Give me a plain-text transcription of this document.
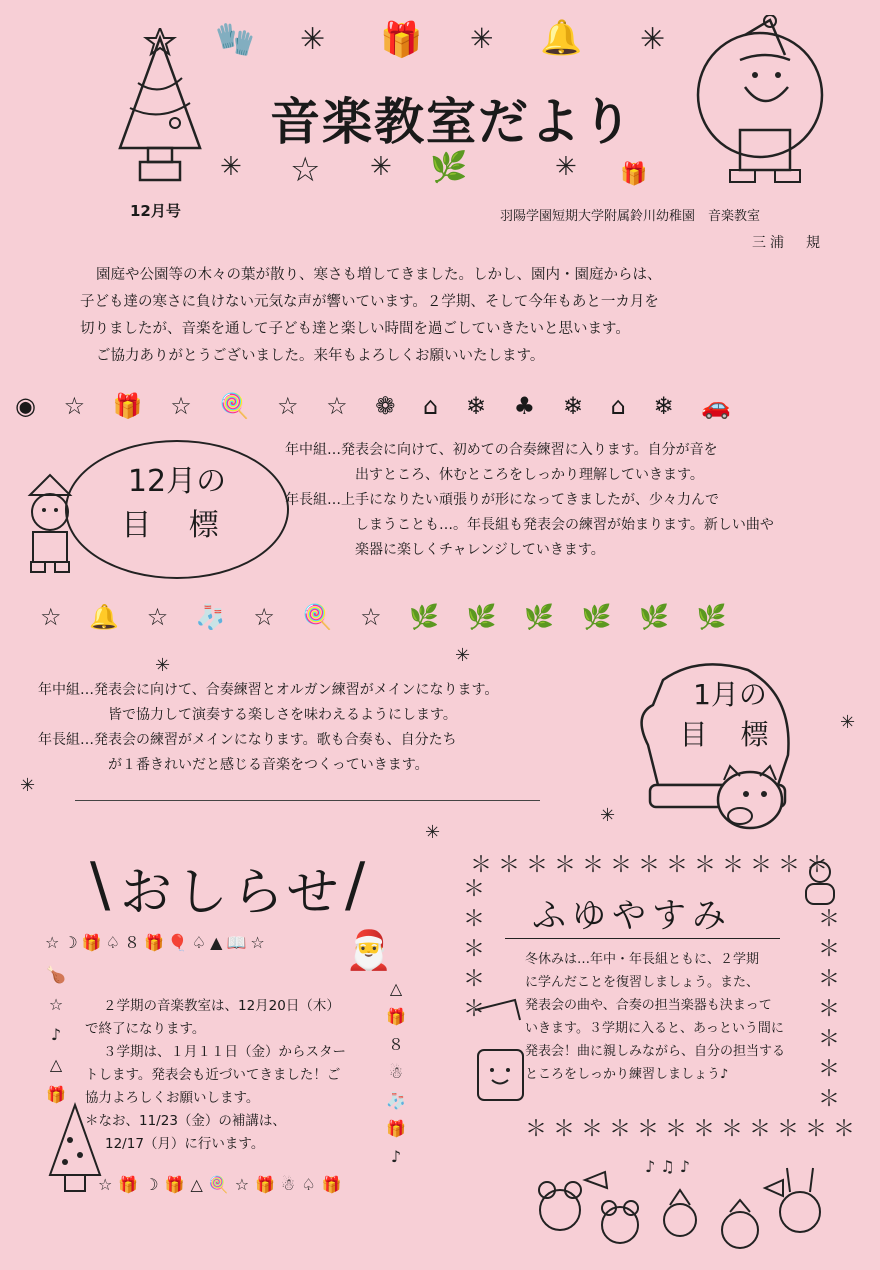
🧤 ✳ 🎁 ✳ 🔔 ✳
音楽教室だより
✳ ☆ ✳ 🌿	✳ 🎁
12月号	羽陽学園短期大学附属鈴川幼稚園　音楽教室
三浦　規

園庭や公園等の木々の葉が散り、寒さも増してきました。しかし、園内・園庭からは、

子ども達の寒さに負けない元気な声が響いています。２学期、そして今年もあと一カ月を

切りましたが、音楽を通して子ども達と楽しい時間を過ごしていきたいと思います。

ご協力ありがとうございました。来年もよろしくお願いいたします。

◉ ☆ 🎁 ☆ 🍭 ☆ ☆ ❁ ⌂ ❄ ♣ ❄ ⌂ ❄ 🚗
12月の
目 標

年中組…発表会に向けて、初めての合奏練習に入ります。自分が音を

出すところ、休むところをしっかり理解していきます。

年長組…上手になりたい頑張りが形になってきましたが、少々力んで

しまうことも…。年長組も発表会の練習が始まります。新しい曲や

楽器に楽しくチャレンジしていきます。

☆ 🔔 ☆ 🧦 ☆ 🍭 ☆ 🌿 🌿 🌿 🌿 🌿 🌿
✳	✳
✳
✳
✳
✳

年中組…発表会に向けて、合奏練習とオルガン練習がメインになります。

皆で協力して演奏する楽しさを味わえるようにします。

年長組…発表会の練習がメインになります。歌も合奏も、自分たち

が１番きれいだと感じる音楽をつくっていきます。

1月の
目 標
\ おしらせ /
☆☽🎁♤８🎁🎈♤▲📖☆
☆🎁☽🎁△🍭☆🎁☃♤🎁
🍗
☆
♪
△
🎁
△
🎁
８
☃
🧦
🎁
♪
🎅

２学期の音楽教室は、12月20日（木）

で終了になります。

３学期は、１月１１日（金）からスター

トします。発表会も近づいてきました！ご

協力よろしくお願いします。

＊なお、11/23（金）の補講は、

12/17（月）に行います。

＊＊＊＊＊＊＊＊＊＊＊＊＊
＊＊＊＊＊＊＊＊＊＊＊＊
＊
＊
＊
＊
＊
＊
＊
＊
＊
＊
＊
＊
ふゆやすみ
冬休みは…年中・年長組ともに、２学期
に学んだことを復習しましょう。また、
発表会の曲や、合奏の担当楽器も決まって
いきます。３学期に入ると、あっという間に
発表会！曲に親しみながら、自分の担当する
ところをしっかり練習しましょう♪
♪ ♫ ♪
